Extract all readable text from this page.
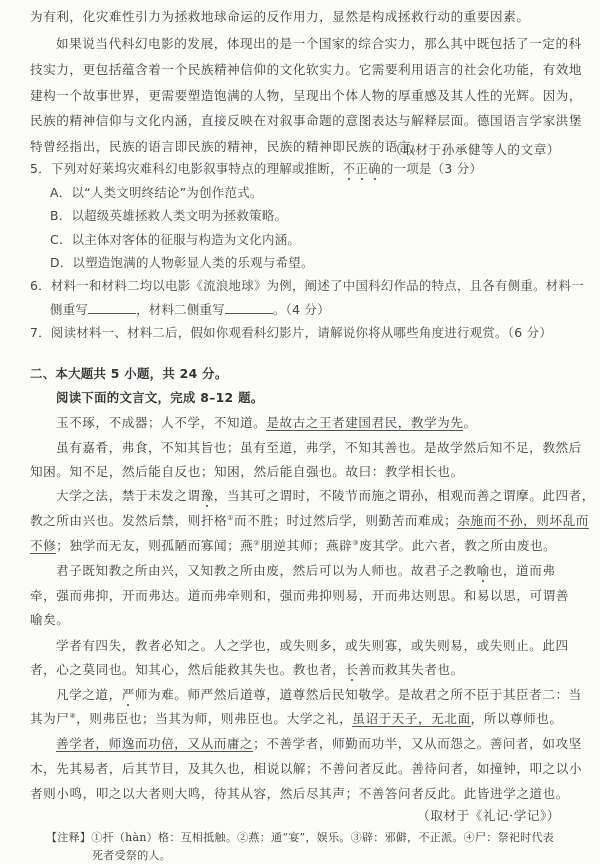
为有利，化灾难性引力为拯救地球命运的反作用力，显然是构成拯救行动的重要因素。
如果说当代科幻电影的发展，体现出的是一个国家的综合实力，那么其中既包括了一定的科
技实力，更包括蕴含着一个民族精神信仰的文化软实力。它需要利用语言的社会化功能，有效地
建构一个故事世界，更需要塑造饱满的人物，呈现出个体人物的厚重感及其人性的光辉。因为，
民族的精神信仰与文化内涵，直接反映在对叙事命题的意图表达与解释层面。德国语言学家洪堡
特曾经指出，民族的语言即民族的精神，民族的精神即民族的语言。
（取材于孙承健等人的文章）
5．下列对好莱坞灾难科幻电影叙事特点的理解或推断，不正确的一项是（3 分）
A．以“人类文明终结论”为创作范式。
B．以超级英雄拯救人类文明为拯救策略。
C．以主体对客体的征服与构造为文化内涵。
D．以塑造饱满的人物彰显人类的乐观与希望。
6．材料一和材料二均以电影《流浪地球》为例，阐述了中国科幻作品的特点，且各有侧重。材料一
侧重写	，材料二侧重写	。（4 分）
7．阅读材料一、材料二后，假如你观看科幻影片，请解说你将从哪些角度进行观赏。（6 分）
二、本大题共 5 小题，共 24 分。
阅读下面的文言文，完成 8–12 题。
玉不琢，不成器；人不学，不知道。是故古之王者建国君民，教学为先。
虽有嘉肴，弗食，不知其旨也；虽有至道，弗学，不知其善也。是故学然后知不足，教然后
知困。知不足，然后能自反也；知困，然后能自强也。故曰：教学相长也。
大学之法，禁于未发之谓豫，当其可之谓时，不陵节而施之谓孙，相观而善之谓摩。此四者，
教之所由兴也。发然后禁，则扞格①而不胜；时过然后学，则勤苦而难成；杂施而不孙，则坏乱而
不修；独学而无友，则孤陋而寡闻；燕②朋逆其师；燕辟③废其学。此六者，教之所由废也。
君子既知教之所由兴，又知教之所由废，然后可以为人师也。故君子之教喻也，道而弗
牵，强而弗抑，开而弗达。道而弗牵则和，强而弗抑则易，开而弗达则思。和易以思，可谓善
喻矣。
学者有四失，教者必知之。人之学也，或失则多，或失则寡，或失则易，或失则止。此四
者，心之莫同也。知其心，然后能救其失也。教也者，长善而救其失者也。
凡学之道，严师为难。师严然后道尊，道尊然后民知敬学。是故君之所不臣于其臣者二：当
其为尸④，则弗臣也；当其为师，则弗臣也。大学之礼，虽诏于天子，无北面，所以尊师也。
善学者，师逸而功倍，又从而庸之；不善学者，师勤而功半，又从而怨之。善问者，如攻坚
木，先其易者，后其节目，及其久也，相说以解；不善问者反此。善待问者，如撞钟，叩之以小
者则小鸣，叩之以大者则大鸣，待其从容，然后尽其声；不善答问者反此。此皆进学之道也。
（取材于《礼记·学记》）
【注释】①扞（hàn）格：互相抵触。②燕：通“宴”，娱乐。③辟：邪僻，不正派。④尸：祭祀时代表
死者受祭的人。
